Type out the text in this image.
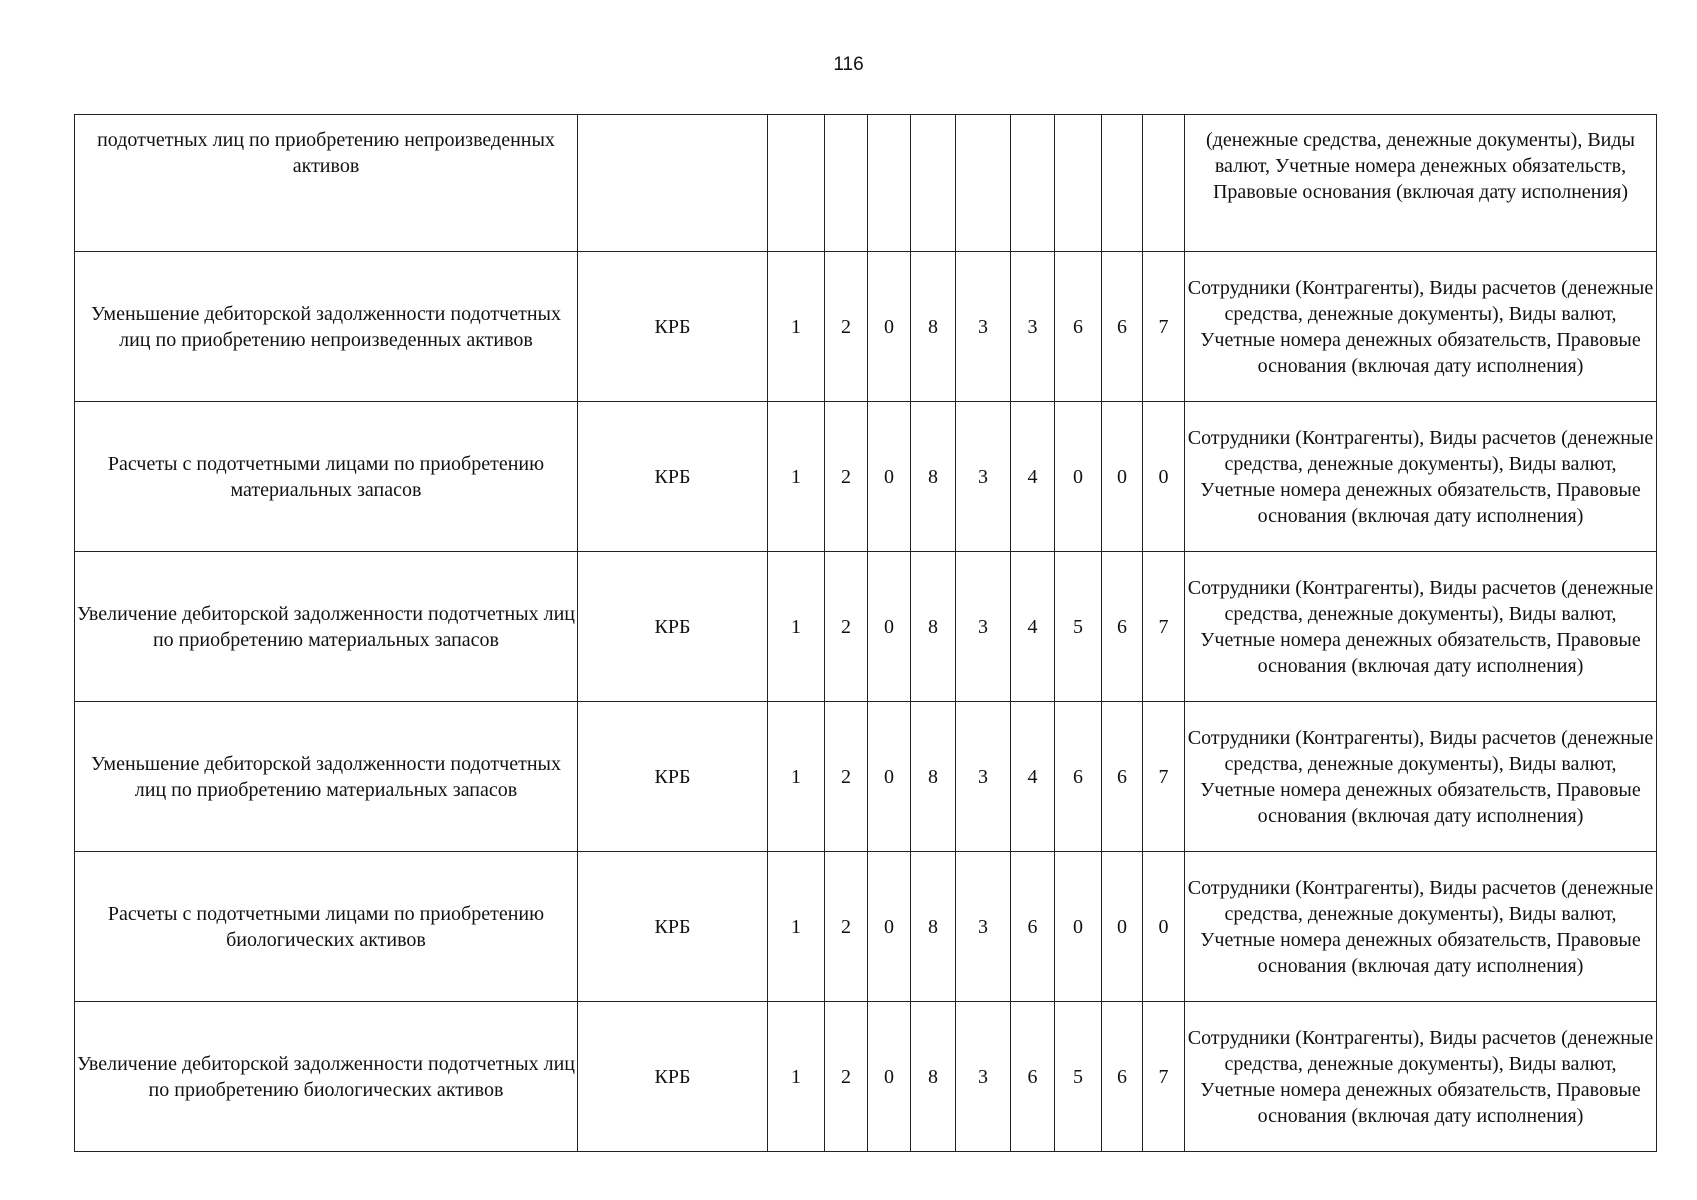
116
подотчетных лиц по приобретению непроизведенных активов											(денежные средства, денежные документы), Виды валют, Учетные номера денежных обязательств, Правовые основания (включая дату исполнения)
Уменьшение дебиторской задолженности подотчетных лиц по приобретению непроизведенных активов	КРБ	1	2	0	8	3	3	6	6	7	Сотрудники (Контрагенты), Виды расчетов (денежные средства, денежные документы), Виды валют, Учетные номера денежных обязательств, Правовые основания (включая дату исполнения)
Расчеты с подотчетными лицами по приобретению материальных запасов	КРБ	1	2	0	8	3	4	0	0	0	Сотрудники (Контрагенты), Виды расчетов (денежные средства, денежные документы), Виды валют, Учетные номера денежных обязательств, Правовые основания (включая дату исполнения)
Увеличение дебиторской задолженности подотчетных лиц по приобретению материальных запасов	КРБ	1	2	0	8	3	4	5	6	7	Сотрудники (Контрагенты), Виды расчетов (денежные средства, денежные документы), Виды валют, Учетные номера денежных обязательств, Правовые основания (включая дату исполнения)
Уменьшение дебиторской задолженности подотчетных лиц по приобретению материальных запасов	КРБ	1	2	0	8	3	4	6	6	7	Сотрудники (Контрагенты), Виды расчетов (денежные средства, денежные документы), Виды валют, Учетные номера денежных обязательств, Правовые основания (включая дату исполнения)
Расчеты с подотчетными лицами по приобретению биологических активов	КРБ	1	2	0	8	3	6	0	0	0	Сотрудники (Контрагенты), Виды расчетов (денежные средства, денежные документы), Виды валют, Учетные номера денежных обязательств, Правовые основания (включая дату исполнения)
Увеличение дебиторской задолженности подотчетных лиц по приобретению биологических активов	КРБ	1	2	0	8	3	6	5	6	7	Сотрудники (Контрагенты), Виды расчетов (денежные средства, денежные документы), Виды валют, Учетные номера денежных обязательств, Правовые основания (включая дату исполнения)
